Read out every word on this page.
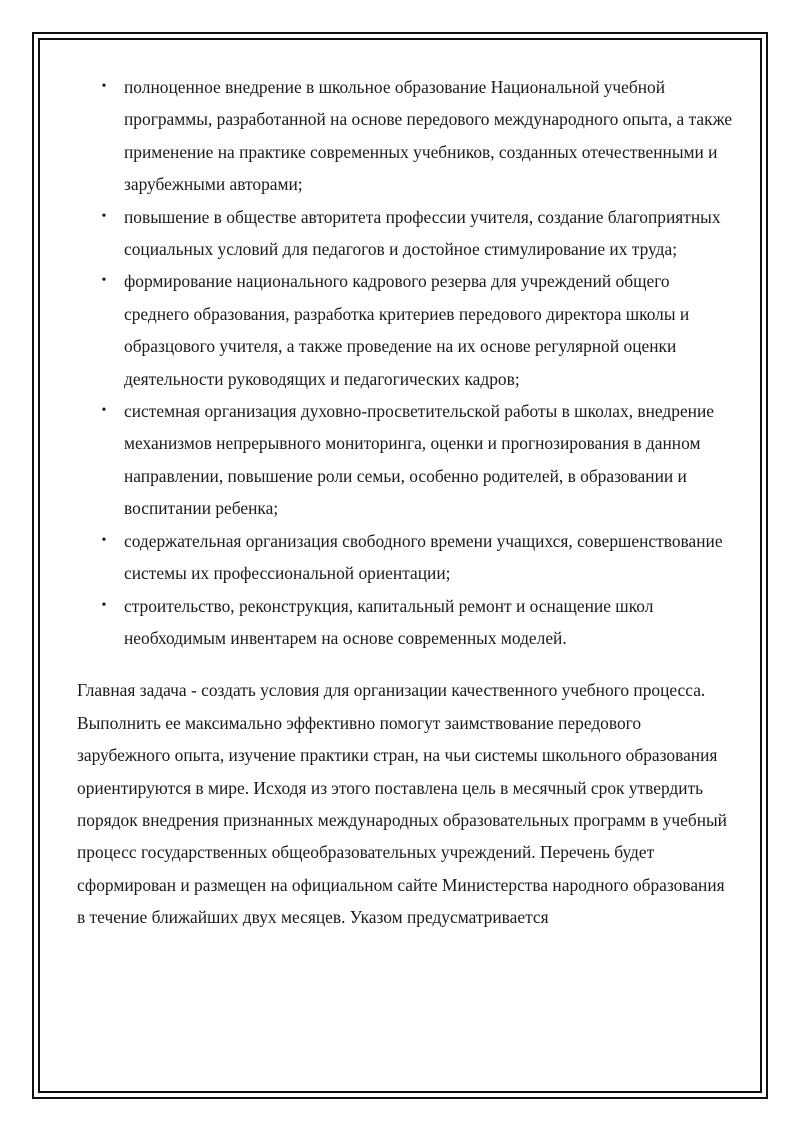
• полноценное внедрение в школьное образование Национальной учебной программы, разработанной на основе передового международного опыта, а также применение на практике современных учебников, созданных отечественными и зарубежными авторами;
• повышение в обществе авторитета профессии учителя, создание благоприятных социальных условий для педагогов и достойное стимулирование их труда;
• формирование национального кадрового резерва для учреждений общего среднего образования, разработка критериев передового директора школы и образцового учителя, а также проведение на их основе регулярной оценки деятельности руководящих и педагогических кадров;
• системная организация духовно-просветительской работы в школах, внедрение механизмов непрерывного мониторинга, оценки и прогнозирования в данном направлении, повышение роли семьи, особенно родителей, в образовании и воспитании ребенка;
• содержательная организация свободного времени учащихся, совершенствование системы их профессиональной ориентации;
• строительство, реконструкция, капитальный ремонт и оснащение школ необходимым инвентарем на основе современных моделей.

Главная задача - создать условия для организации качественного учебного процесса. Выполнить ее максимально эффективно помогут заимствование передового зарубежного опыта, изучение практики стран, на чьи системы школьного образования ориентируются в мире. Исходя из этого поставлена цель в месячный срок утвердить порядок внедрения признанных международных образовательных программ в учебный процесс государственных общеобразовательных учреждений. Перечень будет сформирован и размещен на официальном сайте Министерства народного образования в течение ближайших двух месяцев. Указом предусматривается
